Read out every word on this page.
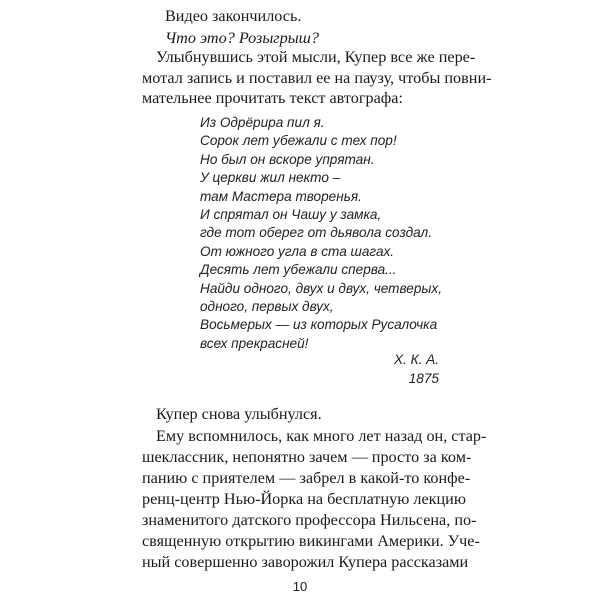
Видео закончилось.
Что это? Розыгрыш?
Улыбнувшись этой мысли, Купер все же пере-
мотал запись и поставил ее на паузу, чтобы повни-
мательнее прочитать текст автографа:
Из Одрёрира пил я.
Сорок лет убежали с тех пор!
Но был он вскоре упрятан.
У церкви жил некто –
там Мастера творенья.
И спрятал он Чашу у замка,
где тот оберег от дьявола создал.
От южного угла в ста шагах.
Десять лет убежали сперва...
Найди одного, двух и двух, четверых,
одного, первых двух,
Восьмерых — из которых Русалочка
всех прекрасней!
Х. К. А.
1875
Купер снова улыбнулся.
Ему вспомнилось, как много лет назад он, стар-
шеклассник, непонятно зачем — просто за ком-
панию с приятелем — забрел в какой-то конфе-
ренц-центр Нью-Йорка на бесплатную лекцию
знаменитого датского профессора Нильсена, по-
священную открытию викингами Америки. Уче-
ный совершенно заворожил Купера рассказами
10
